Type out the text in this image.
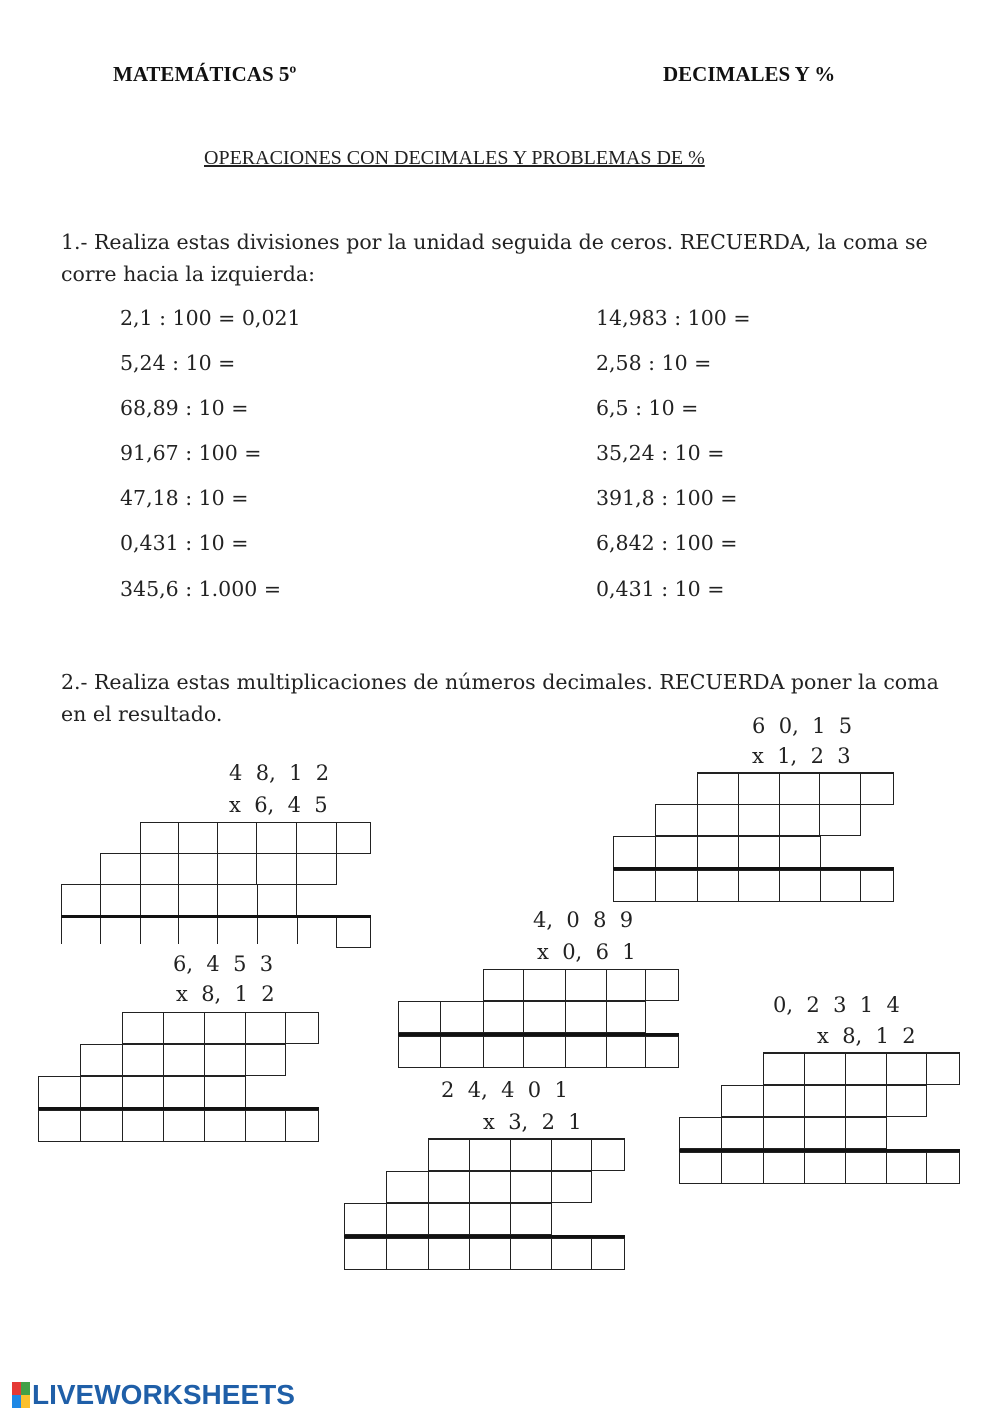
MATEMÁTICAS 5º	DECIMALES Y %
OPERACIONES CON DECIMALES Y PROBLEMAS DE %
1.- Realiza estas divisiones por la unidad seguida de ceros. RECUERDA, la coma se corre hacia la izquierda:
2,1 : 100 = 0,021
5,24 : 10 =
68,89 : 10 =
91,67 : 100 =
47,18 : 10 =
0,431 : 10 =
345,6 : 1.000 =
14,983 : 100 =
2,58 : 10 =
6,5 : 10 =
35,24 : 10 =
391,8 : 100 =
6,842 : 100 =
0,431 : 10 =
2.- Realiza estas multiplicaciones de números decimales. RECUERDA poner la coma en el resultado.
4  8,  1  2
x  6,  4  5
6  0,  1  5
x  1,  2  3
4,  0  8  9
x  0,  6  1
6,  4  5  3
x  8,  1  2	0,  2  3  1  4
x  8,  1  2
2  4,  4  0  1
x  3,  2  1
LIVEWORKSHEETS
